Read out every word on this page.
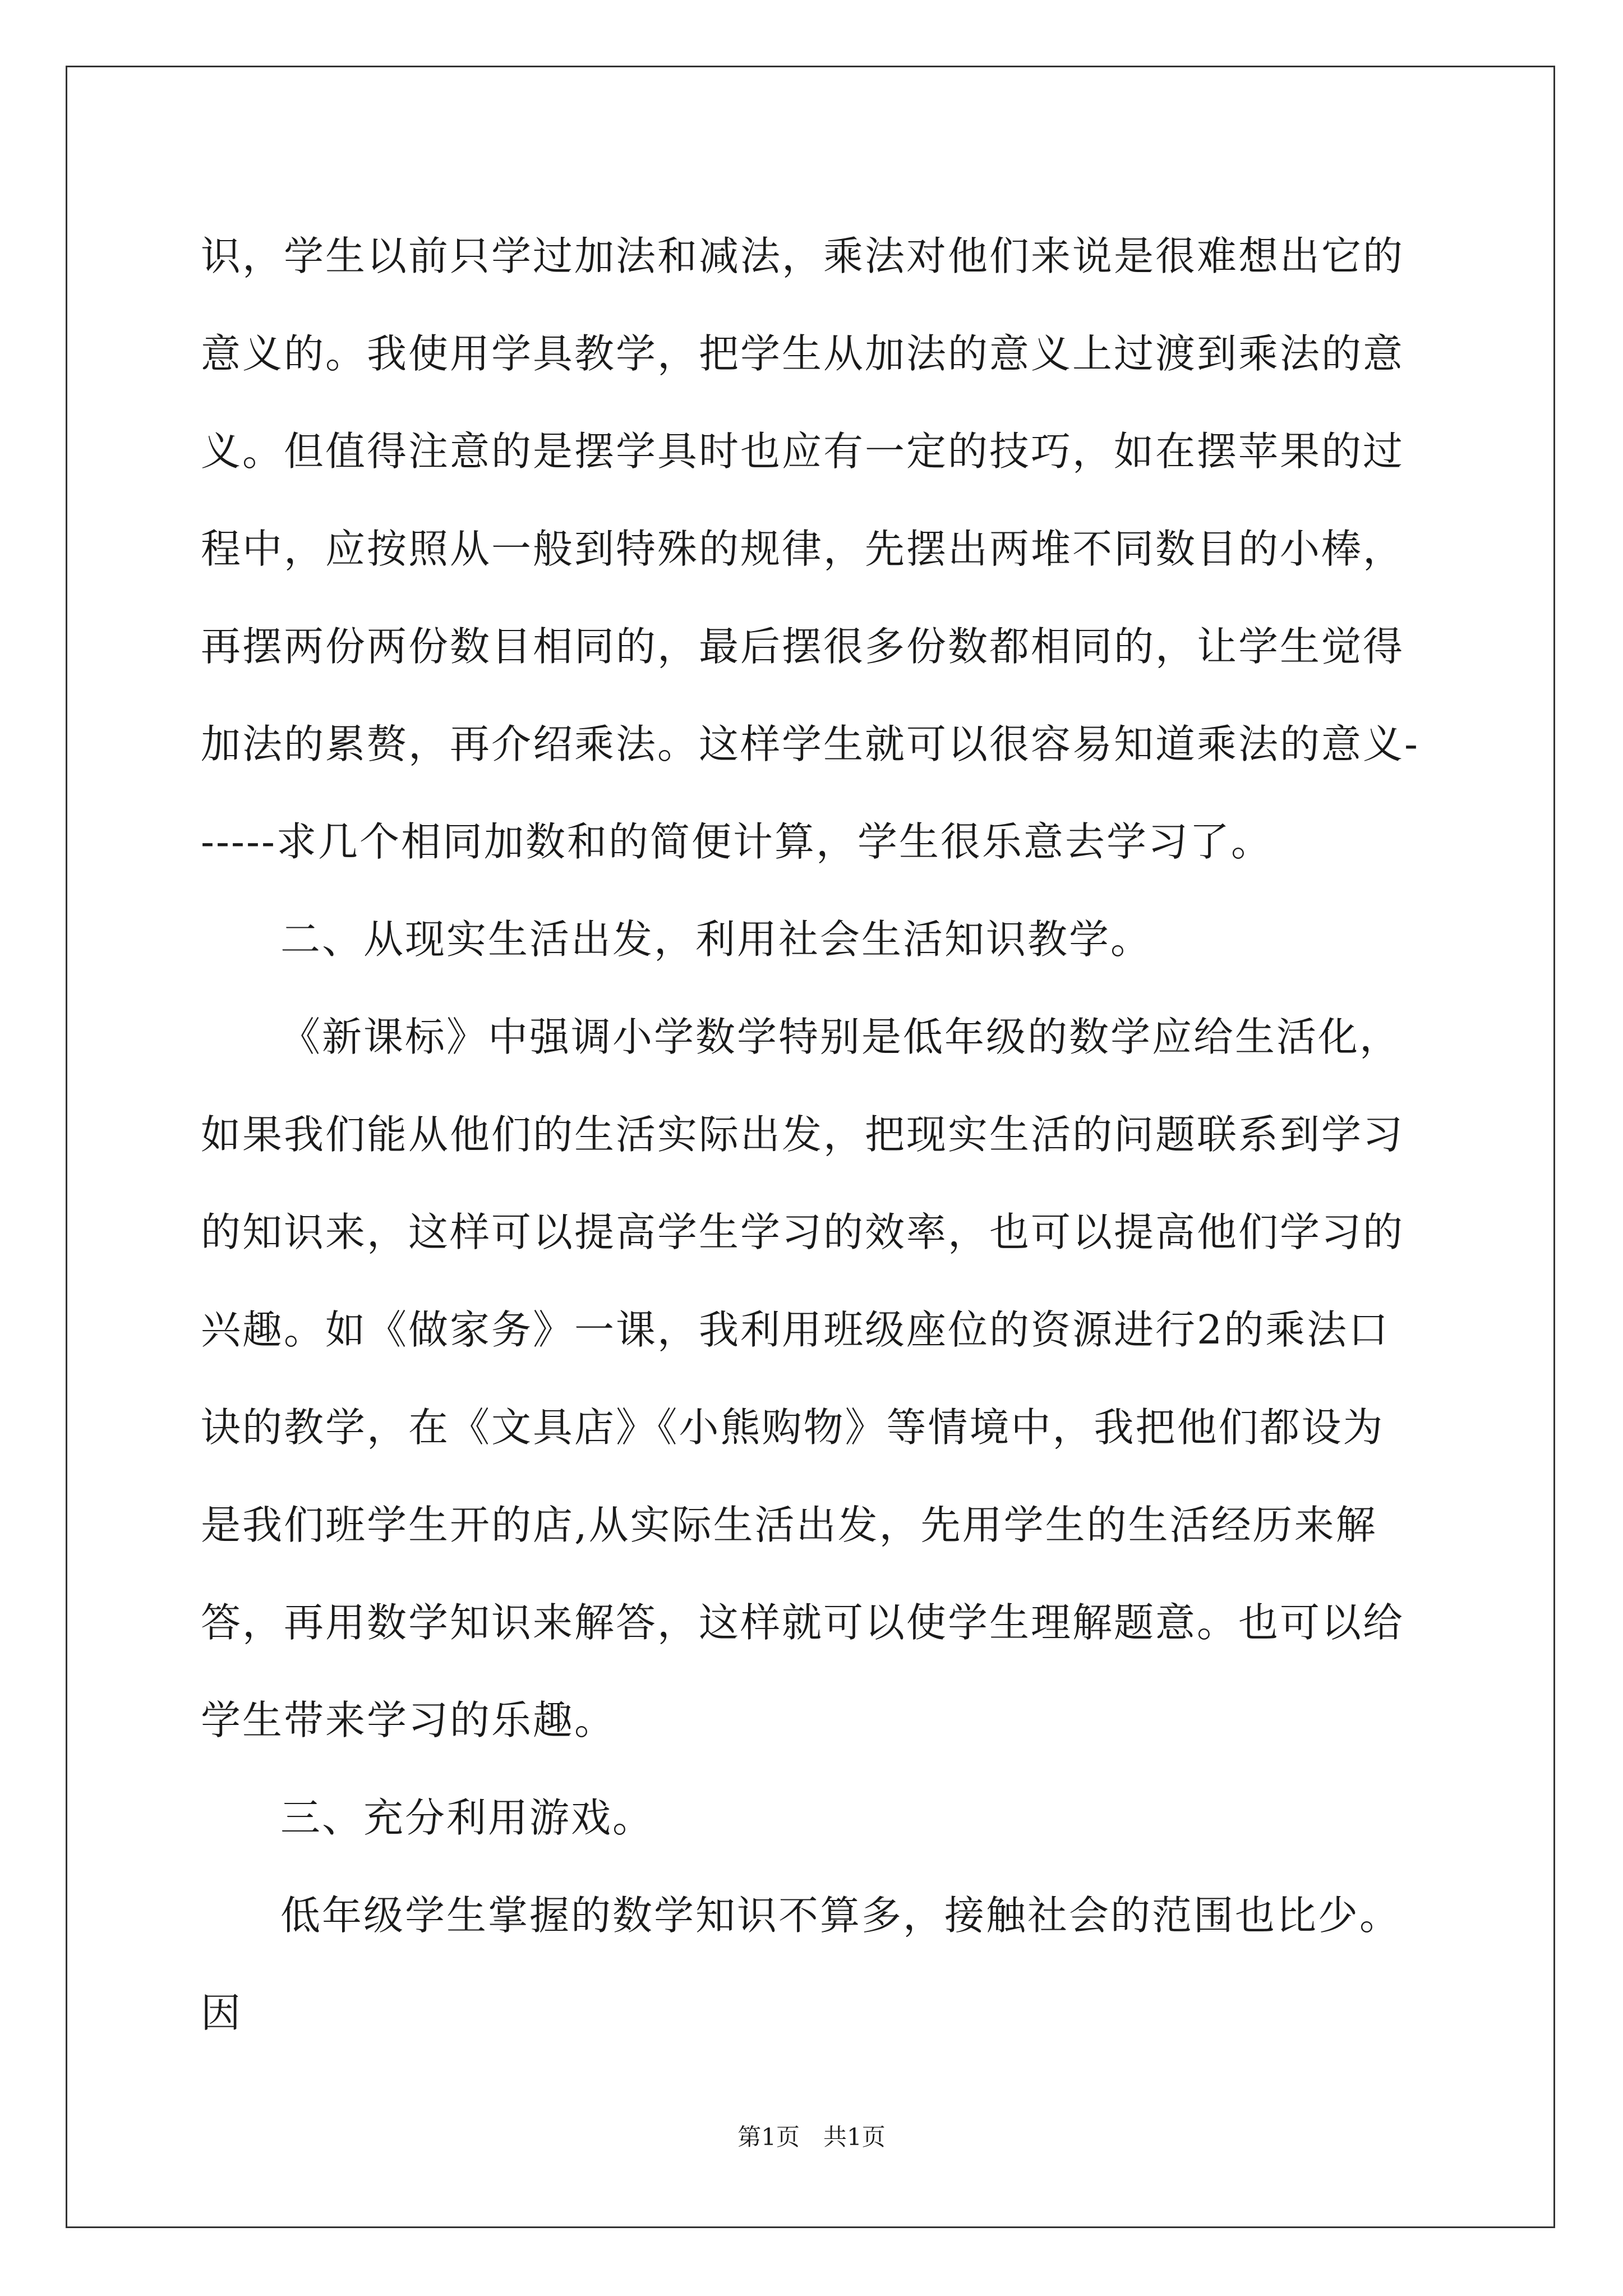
识，学生以前只学过加法和减法，乘法对他们来说是很难想出它的意义的。我使用学具教学，把学生从加法的意义上过渡到乘法的意义。但值得注意的是摆学具时也应有一定的技巧，如在摆苹果的过程中，应按照从一般到特殊的规律，先摆出两堆不同数目的小棒，再摆两份两份数目相同的，最后摆很多份数都相同的，让学生觉得加法的累赘，再介绍乘法。这样学生就可以很容易知道乘法的意义------求几个相同加数和的简便计算，学生很乐意去学习了。

二、从现实生活出发，利用社会生活知识教学。

《新课标》中强调小学数学特别是低年级的数学应给生活化，如果我们能从他们的生活实际出发，把现实生活的问题联系到学习的知识来，这样可以提高学生学习的效率，也可以提高他们学习的兴趣。如《做家务》一课，我利用班级座位的资源进行2的乘法口诀的教学，在《文具店》《小熊购物》等情境中，我把他们都设为是我们班学生开的店,从实际生活出发，先用学生的生活经历来解答，再用数学知识来解答，这样就可以使学生理解题意。也可以给学生带来学习的乐趣。

三、充分利用游戏。

低年级学生掌握的数学知识不算多，接触社会的范围也比少。因

第1页　共1页
